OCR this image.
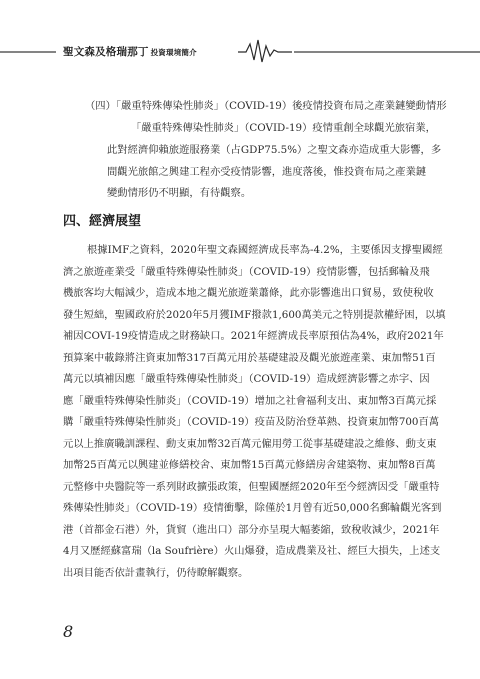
聖文森及格瑞那丁 投資環境簡介
（四）「嚴重特殊傳染性肺炎」（COVID-19）後疫情投資布局之產業鏈變動情形
「嚴重特殊傳染性肺炎」（COVID-19）疫情重創全球觀光旅宿業，
此對經濟仰賴旅遊服務業（占GDP75.5%）之聖文森亦造成重大影響，多
間觀光旅館之興建工程亦受疫情影響，進度落後，惟投資布局之產業鏈
變動情形仍不明顯，有待觀察。
四、經濟展望
根據IMF之資料，2020年聖文森國經濟成長率為-4.2%，主要係因支撐聖國經
濟之旅遊產業受「嚴重特殊傳染性肺炎」（COVID-19）疫情影響，包括郵輪及飛
機旅客均大幅減少，造成本地之觀光旅遊業蕭條，此亦影響進出口貿易，致使稅收
發生短絀，聖國政府於2020年5月獲IMF撥款1,600萬美元之特別提款權紓困，以填
補因COVI-19疫情造成之財務缺口。2021年經濟成長率原預估為4%，政府2021年
預算案中載錄將注資東加幣317百萬元用於基礎建設及觀光旅遊產業、東加幣51百
萬元以填補因應「嚴重特殊傳染性肺炎」（COVID-19）造成經濟影響之赤字、因
應「嚴重特殊傳染性肺炎」（COVID-19）增加之社會福利支出、東加幣3百萬元採
購「嚴重特殊傳染性肺炎」（COVID-19）疫苗及防治登革熱、投資東加幣700百萬
元以上推廣職訓課程、動支東加幣32百萬元僱用勞工從事基礎建設之維修、動支東
加幣25百萬元以興建並修繕校舍、東加幣15百萬元修繕房舍建築物、東加幣8百萬
元整修中央醫院等一系列財政擴張政策，但聖國歷經2020年至今經濟因受「嚴重特
殊傳染性肺炎」（COVID-19）疫情衝擊，除僅於1月曾有近50,000名郵輪觀光客到
港（首都金石港）外，貨貿（進出口）部分亦呈現大幅萎縮，致稅收減少，2021年
4月又歷經蘇富瑞（la Soufrière）火山爆發，造成農業及社、經巨大損失，上述支
出項目能否依計畫執行，仍待瞭解觀察。
8
